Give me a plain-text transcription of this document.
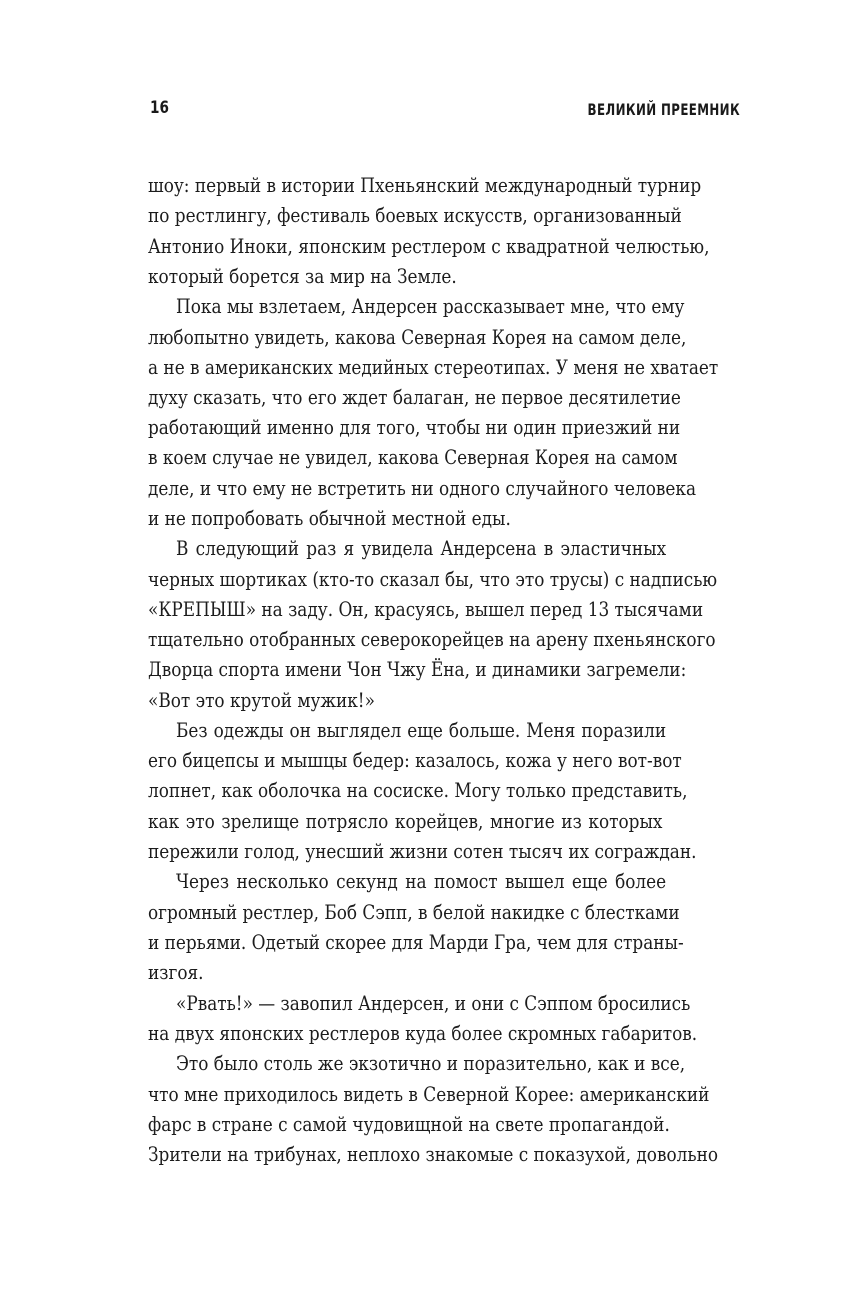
16	ВЕЛИКИЙ ПРЕЕМНИК
шоу: первый в истории Пхеньянский международный турнир
по рестлингу, фестиваль боевых искусств, организованный
Антонио Иноки, японским рестлером с квадратной челюстью,
который борется за мир на Земле.
Пока мы взлетаем, Андерсен рассказывает мне, что ему
любопытно увидеть, какова Северная Корея на самом деле,
а не в американских медийных стереотипах. У меня не хватает
духу сказать, что его ждет балаган, не первое десятилетие
работающий именно для того, чтобы ни один приезжий ни
в коем случае не увидел, какова Северная Корея на самом
деле, и что ему не встретить ни одного случайного человека
и не попробовать обычной местной еды.
В следующий раз я увидела Андерсена в эластичных
черных шортиках (кто-то сказал бы, что это трусы) с надписью
«КРЕПЫШ» на заду. Он, красуясь, вышел перед 13 тысячами
тщательно отобранных северокорейцев на арену пхеньянского
Дворца спорта имени Чон Чжу Ёна, и динамики загремели:
«Вот это крутой мужик!»
Без одежды он выглядел еще больше. Меня поразили
его бицепсы и мышцы бедер: казалось, кожа у него вот-вот
лопнет, как оболочка на сосиске. Могу только представить,
как это зрелище потрясло корейцев, многие из которых
пережили голод, унесший жизни сотен тысяч их сограждан.
Через несколько секунд на помост вышел еще более
огромный рестлер, Боб Сэпп, в белой накидке с блестками
и перьями. Одетый скорее для Марди Гра, чем для страны-
изгоя.
«Рвать!» — завопил Андерсен, и они с Сэппом бросились
на двух японских рестлеров куда более скромных габаритов.
Это было столь же экзотично и поразительно, как и все,
что мне приходилось видеть в Северной Корее: американский
фарс в стране с самой чудовищной на свете пропагандой.
Зрители на трибунах, неплохо знакомые с показухой, довольно
